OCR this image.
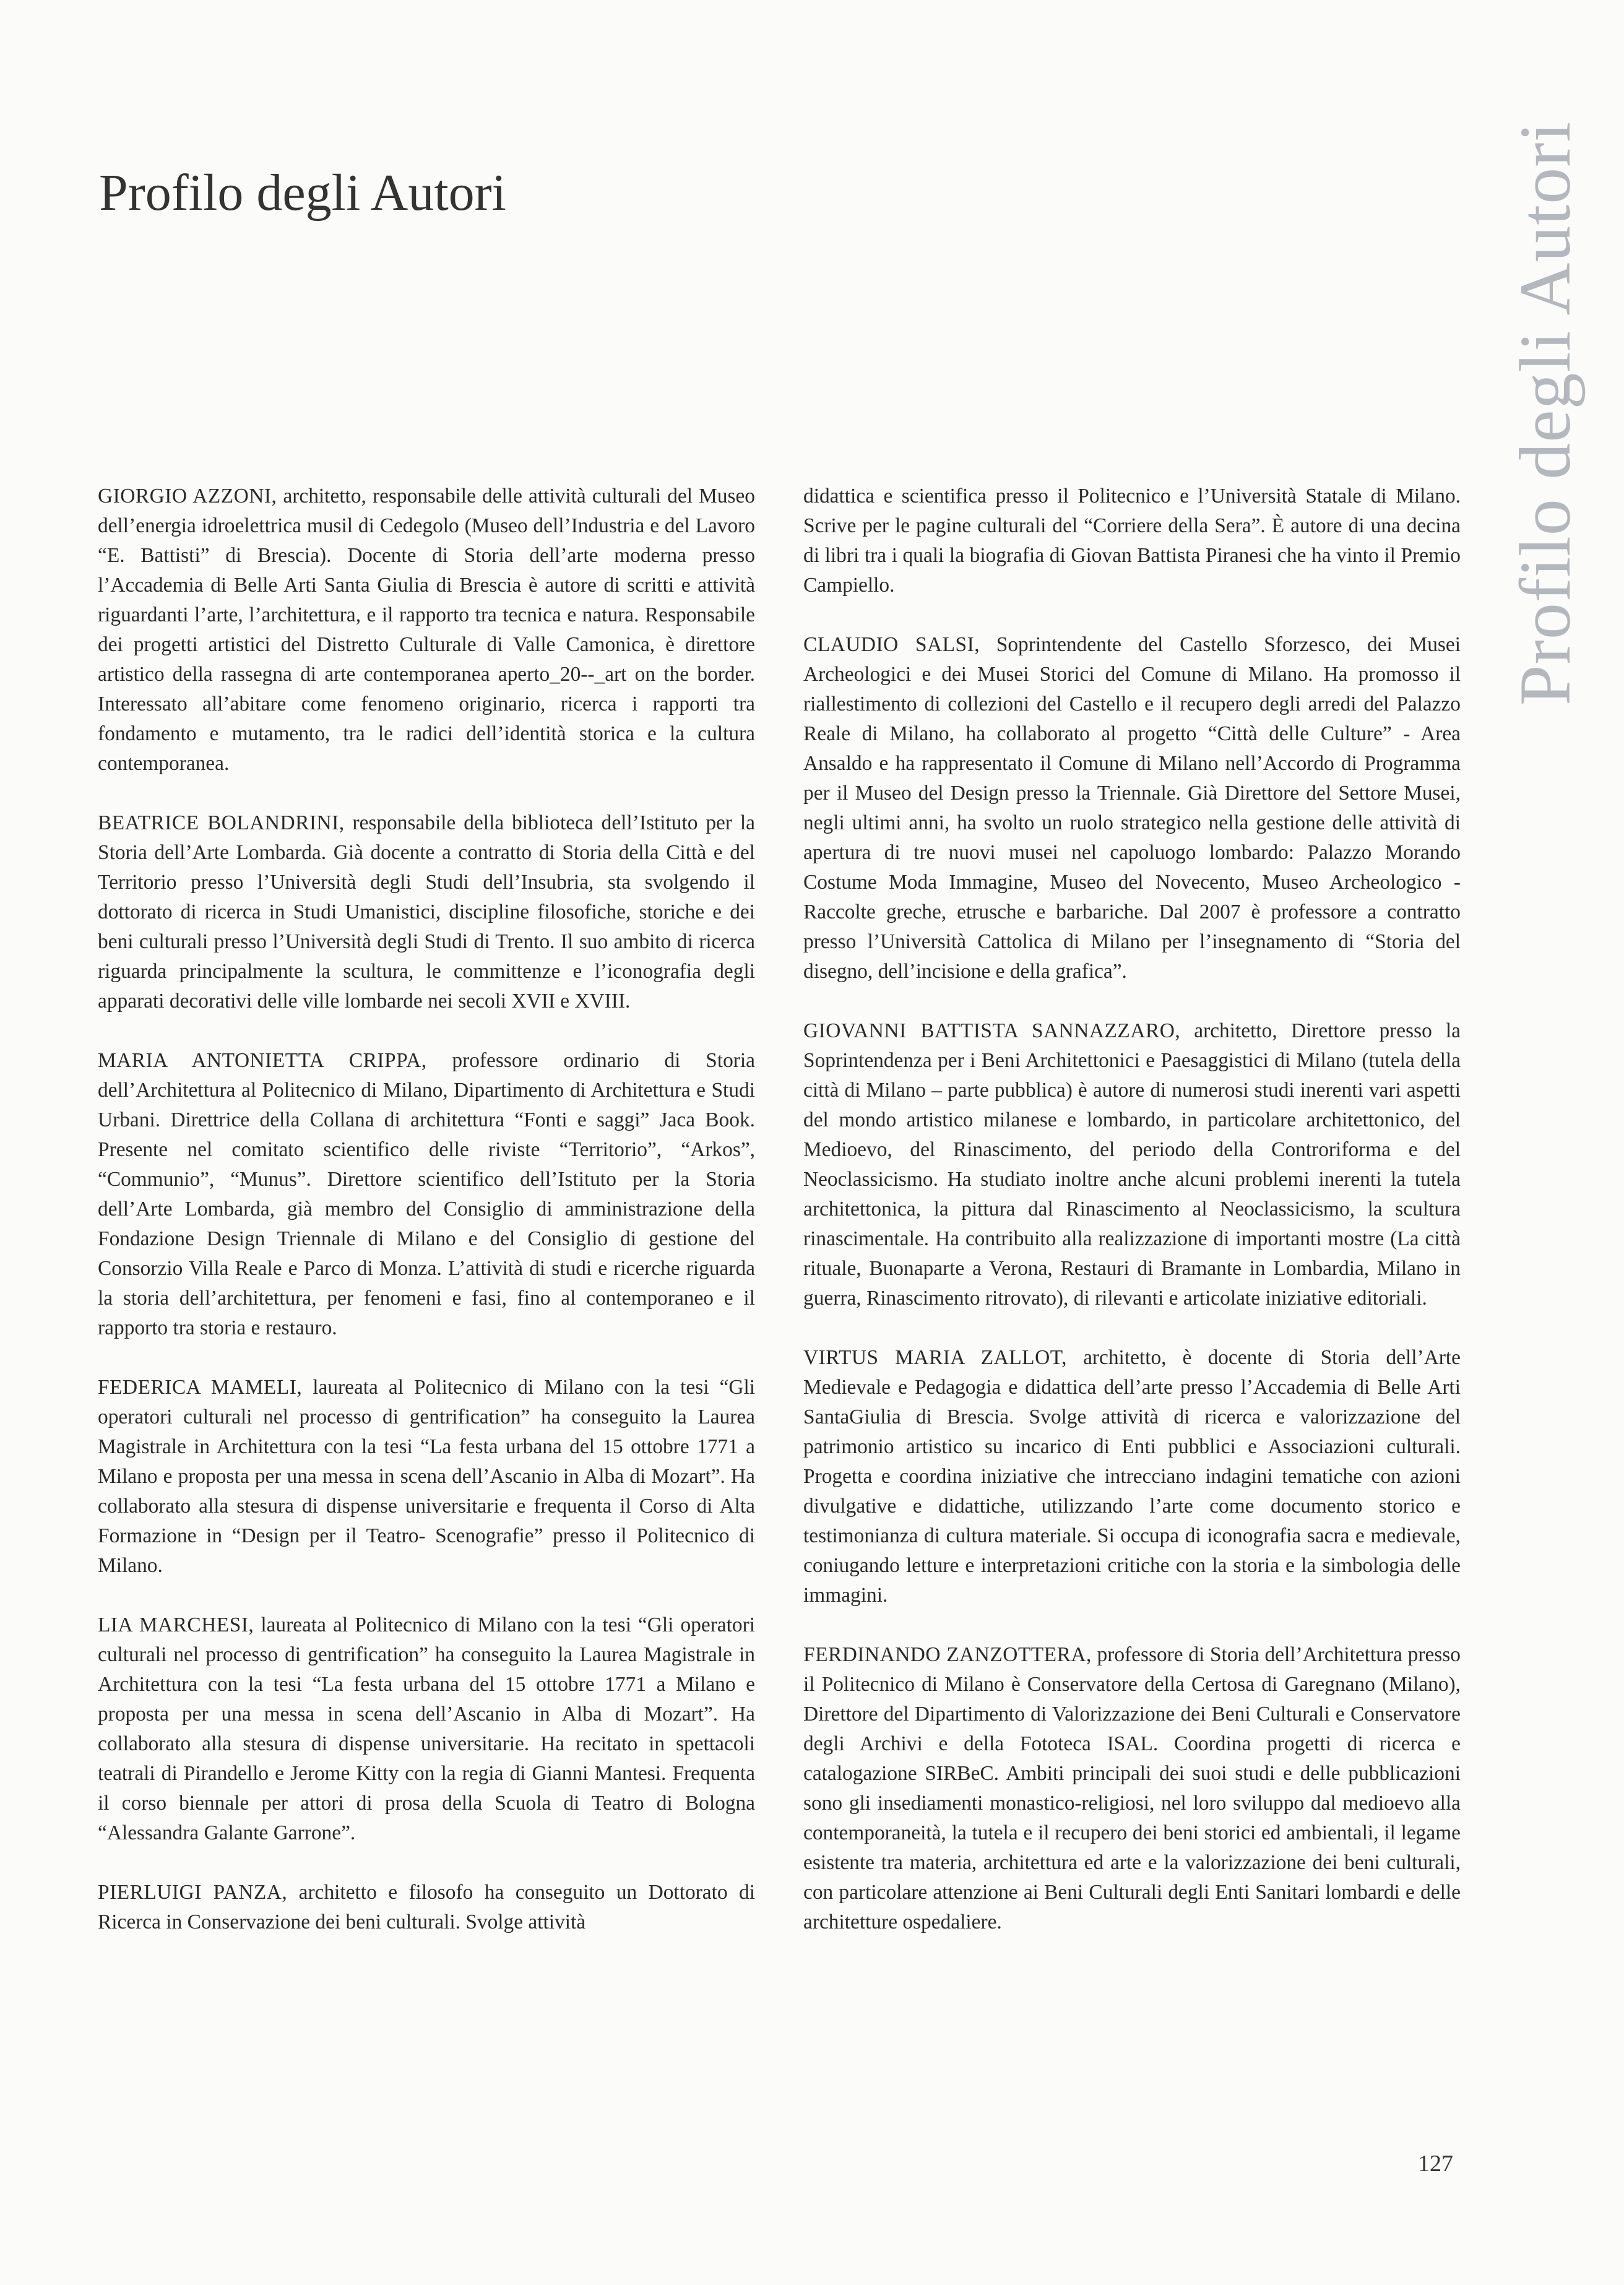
Profilo degli Autori	Profilo degli Autori

GIORGIO AZZONI, architetto, responsabile delle attività culturali del Museo dell’energia idroelettrica musil di Cedegolo (Museo dell’Industria e del Lavoro “E. Battisti” di Brescia). Docente di Storia dell’arte moderna presso l’Accademia di Belle Arti Santa Giulia di Brescia è autore di scritti e attività riguardanti l’arte, l’architettura, e il rapporto tra tecnica e natura. Responsabile dei progetti artistici del Distretto Culturale di Valle Camonica, è direttore artistico della rassegna di arte contemporanea aperto_20--_art on the border. Interessato all’abitare come fenomeno originario, ricerca i rapporti tra fondamento e mutamento, tra le radici dell’identità storica e la cultura contemporanea.

BEATRICE BOLANDRINI, responsabile della biblioteca dell’Istituto per la Storia dell’Arte Lombarda. Già docente a contratto di Storia della Città e del Territorio presso l’Università degli Studi dell’Insubria, sta svolgendo il dottorato di ricerca in Studi Umanistici, discipline filosofiche, storiche e dei beni culturali presso l’Università degli Studi di Trento. Il suo ambito di ricerca riguarda principalmente la scultura, le committenze e l’iconografia degli apparati decorativi delle ville lombarde nei secoli XVII e XVIII.

MARIA ANTONIETTA CRIPPA, professore ordinario di Storia dell’Architettura al Politecnico di Milano, Dipartimento di Architettura e Studi Urbani. Direttrice della Collana di architettura “Fonti e saggi” Jaca Book. Presente nel comitato scientifico delle riviste “Territorio”, “Arkos”, “Communio”, “Munus”. Direttore scientifico dell’Istituto per la Storia dell’Arte Lombarda, già membro del Consiglio di amministrazione della Fondazione Design Triennale di Milano e del Consiglio di gestione del Consorzio Villa Reale e Parco di Monza. L’attività di studi e ricerche riguarda la storia dell’architettura, per fenomeni e fasi, fino al contemporaneo e il rapporto tra storia e restauro.

FEDERICA MAMELI, laureata al Politecnico di Milano con la tesi “Gli operatori culturali nel processo di gentrification” ha conseguito la Laurea Magistrale in Architettura con la tesi “La festa urbana del 15 ottobre 1771 a Milano e proposta per una messa in scena dell’Ascanio in Alba di Mozart”. Ha collaborato alla stesura di dispense universitarie e frequenta il Corso di Alta Formazione in “Design per il Teatro- Scenografie” presso il Politecnico di Milano.

LIA MARCHESI, laureata al Politecnico di Milano con la tesi “Gli operatori culturali nel processo di gentrification” ha conseguito la Laurea Magistrale in Architettura con la tesi “La festa urbana del 15 ottobre 1771 a Milano e proposta per una messa in scena dell’Ascanio in Alba di Mozart”. Ha collaborato alla stesura di dispense universitarie. Ha recitato in spettacoli teatrali di Pirandello e Jerome Kitty con la regia di Gianni Mantesi. Frequenta il corso biennale per attori di prosa della Scuola di Teatro di Bologna “Alessandra Galante Garrone”.

PIERLUIGI PANZA, architetto e filosofo ha conseguito un Dottorato di Ricerca in Conservazione dei beni culturali. Svolge attività

didattica e scientifica presso il Politecnico e l’Università Statale di Milano. Scrive per le pagine culturali del “Corriere della Sera”. È autore di una decina di libri tra i quali la biografia di Giovan Battista Piranesi che ha vinto il Premio Campiello.

CLAUDIO SALSI, Soprintendente del Castello Sforzesco, dei Musei Archeologici e dei Musei Storici del Comune di Milano. Ha promosso il riallestimento di collezioni del Castello e il recupero degli arredi del Palazzo Reale di Milano, ha collaborato al progetto “Città delle Culture” - Area Ansaldo e ha rappresentato il Comune di Milano nell’Accordo di Programma per il Museo del Design presso la Triennale. Già Direttore del Settore Musei, negli ultimi anni, ha svolto un ruolo strategico nella gestione delle attività di apertura di tre nuovi musei nel capoluogo lombardo: Palazzo Morando Costume Moda Immagine, Museo del Novecento, Museo Archeologico - Raccolte greche, etrusche e barbariche. Dal 2007 è professore a contratto presso l’Università Cattolica di Milano per l’insegnamento di “Storia del disegno, dell’incisione e della grafica”.

GIOVANNI BATTISTA SANNAZZARO, architetto, Direttore presso la Soprintendenza per i Beni Architettonici e Paesaggistici di Milano (tutela della città di Milano – parte pubblica) è autore di numerosi studi inerenti vari aspetti del mondo artistico milanese e lombardo, in particolare architettonico, del Medioevo, del Rinascimento, del periodo della Controriforma e del Neoclassicismo. Ha studiato inoltre anche alcuni problemi inerenti la tutela architettonica, la pittura dal Rinascimento al Neoclassicismo, la scultura rinascimentale. Ha contribuito alla realizzazione di importanti mostre (La città rituale, Buonaparte a Verona, Restauri di Bramante in Lombardia, Milano in guerra, Rinascimento ritrovato), di rilevanti e articolate iniziative editoriali.

VIRTUS MARIA ZALLOT, architetto, è docente di Storia dell’Arte Medievale e Pedagogia e didattica dell’arte presso l’Accademia di Belle Arti SantaGiulia di Brescia. Svolge attività di ricerca e valorizzazione del patrimonio artistico su incarico di Enti pubblici e Associazioni culturali. Progetta e coordina iniziative che intrecciano indagini tematiche con azioni divulgative e didattiche, utilizzando l’arte come documento storico e testimonianza di cultura materiale. Si occupa di iconografia sacra e medievale, coniugando letture e interpretazioni critiche con la storia e la simbologia delle immagini.

FERDINANDO ZANZOTTERA, professore di Storia dell’Architettura presso il Politecnico di Milano è Conservatore della Certosa di Garegnano (Milano), Direttore del Dipartimento di Valorizzazione dei Beni Culturali e Conservatore degli Archivi e della Fototeca ISAL. Coordina progetti di ricerca e catalogazione SIRBeC. Ambiti principali dei suoi studi e delle pubblicazioni sono gli insediamenti monastico-religiosi, nel loro sviluppo dal medioevo alla contemporaneità, la tutela e il recupero dei beni storici ed ambientali, il legame esistente tra materia, architettura ed arte e la valorizzazione dei beni culturali, con particolare attenzione ai Beni Culturali degli Enti Sanitari lombardi e delle architetture ospedaliere.

127
